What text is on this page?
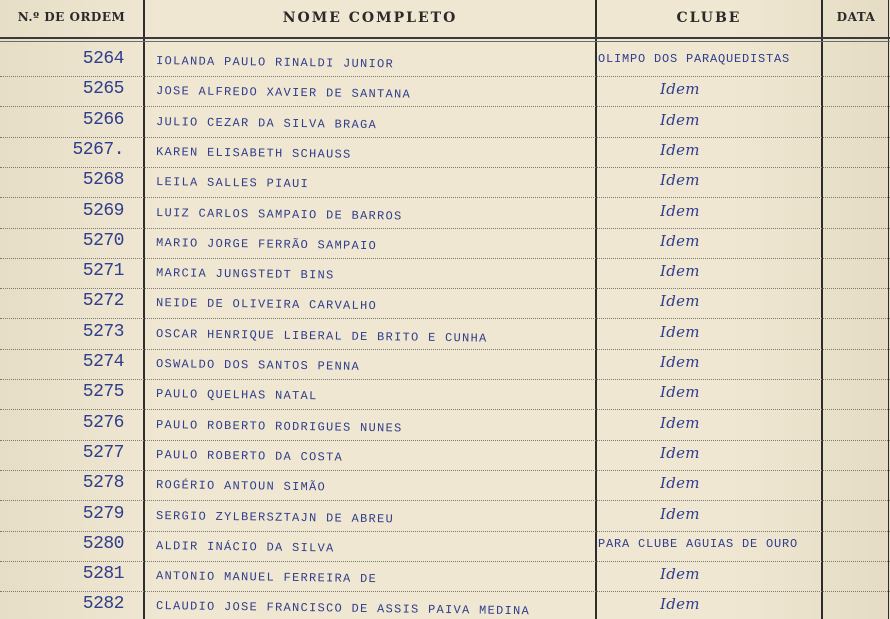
N.º DE ORDEM	NOME COMPLETO	CLUBE	DATA
5264	IOLANDA PAULO RINALDI JUNIOR	OLIMPO DOS PARAQUEDISTAS
5265	JOSE ALFREDO XAVIER DE SANTANA	Idem
5266	JULIO CEZAR DA SILVA BRAGA	Idem
5267.	KAREN ELISABETH SCHAUSS	Idem
5268	LEILA SALLES PIAUI	Idem
5269	LUIZ CARLOS SAMPAIO DE BARROS	Idem
5270	MARIO JORGE FERRÃO SAMPAIO	Idem
5271	MARCIA JUNGSTEDT BINS	Idem
5272	NEIDE DE OLIVEIRA CARVALHO	Idem
5273	OSCAR HENRIQUE LIBERAL DE BRITO E CUNHA	Idem
5274	OSWALDO DOS SANTOS PENNA	Idem
5275	PAULO QUELHAS NATAL	Idem
5276	PAULO ROBERTO RODRIGUES NUNES	Idem
5277	PAULO ROBERTO DA COSTA	Idem
5278	ROGÉRIO ANTOUN SIMÃO	Idem
5279	SERGIO ZYLBERSZTAJN DE ABREU	Idem
5280	ALDIR INÁCIO DA SILVA	PARA CLUBE AGUIAS DE OURO
5281	ANTONIO MANUEL FERREIRA DE	Idem
5282	CLAUDIO JOSE FRANCISCO DE ASSIS PAIVA MEDINA	Idem
